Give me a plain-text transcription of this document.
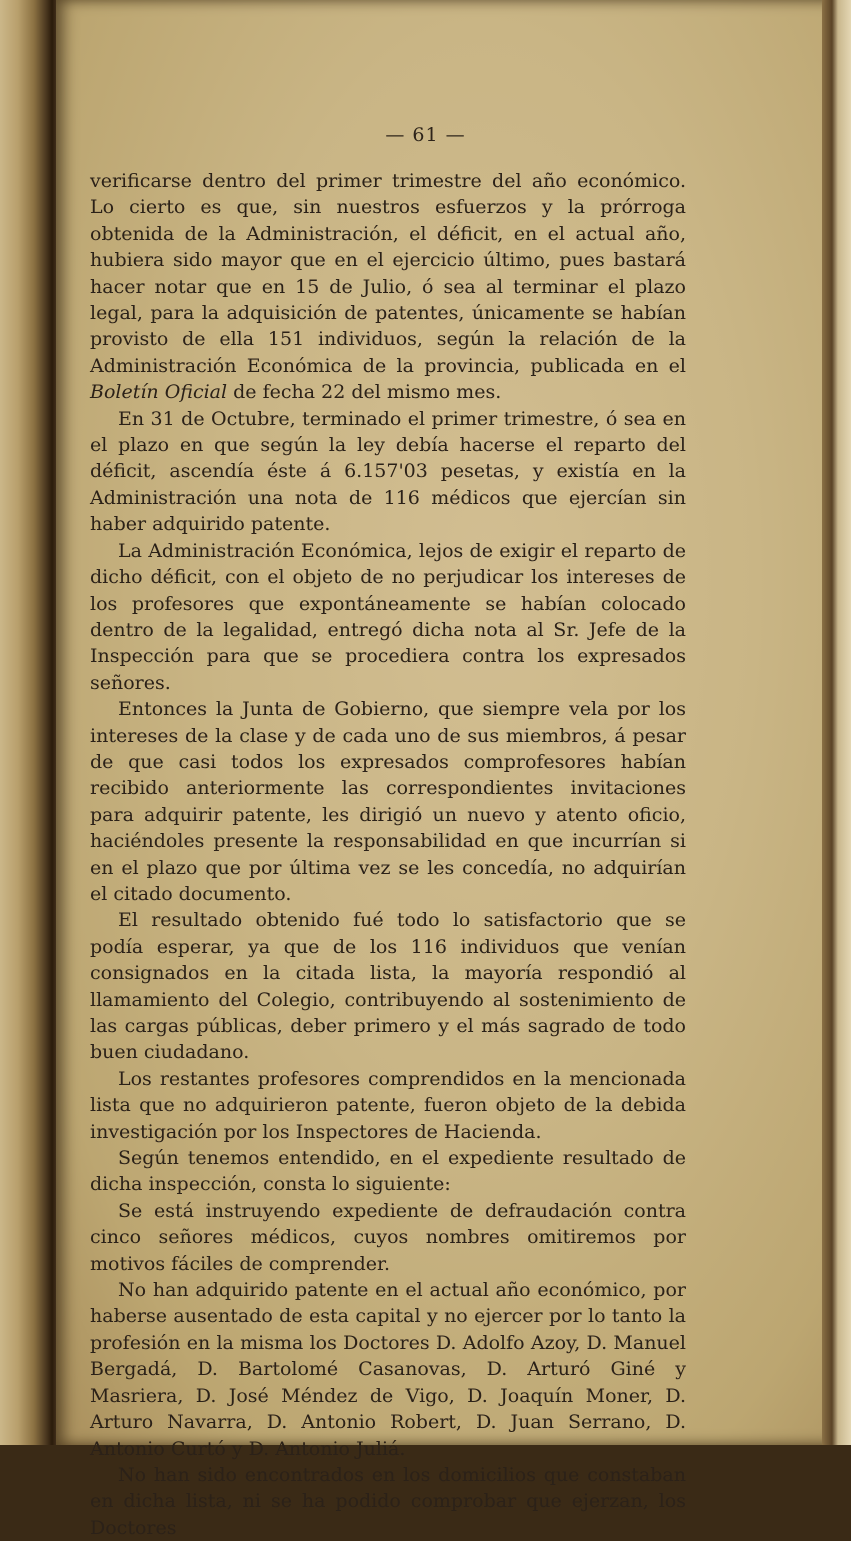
— 61 —

verificarse dentro del primer trimestre del año económico. Lo cierto es que, sin nuestros esfuerzos y la prórroga obtenida de la Administración, el déficit, en el actual año, hubiera sido mayor que en el ejercicio último, pues bastará hacer notar que en 15 de Julio, ó sea al terminar el plazo legal, para la adquisición de patentes, únicamente se habían provisto de ella 151 individuos, según la relación de la Administración Económica de la provincia, publicada en el Boletín Oficial de fecha 22 del mismo mes.

En 31 de Octubre, terminado el primer trimestre, ó sea en el plazo en que según la ley debía hacerse el reparto del déficit, ascendía éste á 6.157'03 pesetas, y existía en la Administración una nota de 116 médicos que ejercían sin haber adquirido patente.

La Administración Económica, lejos de exigir el reparto de dicho déficit, con el objeto de no perjudicar los intereses de los profesores que expontáneamente se habían colocado dentro de la legalidad, entregó dicha nota al Sr. Jefe de la Inspección para que se procediera contra los expresados señores.

Entonces la Junta de Gobierno, que siempre vela por los intereses de la clase y de cada uno de sus miembros, á pesar de que casi todos los expresados comprofesores habían recibido anteriormente las correspondientes invitaciones para adquirir patente, les dirigió un nuevo y atento oficio, haciéndoles presente la responsabilidad en que incurrían si en el plazo que por última vez se les concedía, no adquirían el citado documento.

El resultado obtenido fué todo lo satisfactorio que se podía esperar, ya que de los 116 individuos que venían consignados en la citada lista, la mayoría respondió al llamamiento del Colegio, contribuyendo al sostenimiento de las cargas públicas, deber primero y el más sagrado de todo buen ciudadano.

Los restantes profesores comprendidos en la mencionada lista que no adquirieron patente, fueron objeto de la debida investigación por los Inspectores de Hacienda.

Según tenemos entendido, en el expediente resultado de dicha inspección, consta lo siguiente:

Se está instruyendo expediente de defraudación contra cinco señores médicos, cuyos nombres omitiremos por motivos fáciles de comprender.

No han adquirido patente en el actual año económico, por haberse ausentado de esta capital y no ejercer por lo tanto la profesión en la misma los Doctores D. Adolfo Azoy, D. Manuel Bergadá, D. Bartolomé Casanovas, D. Arturó Giné y Masriera, D. José Méndez de Vigo, D. Joaquín Moner, D. Arturo Navarra, D. Antonio Robert, D. Juan Serrano, D. Antonio Curtó y D. Antonio Juliá.

No han sido encontrados en los domicilios que constaban en dicha lista, ni se ha podido comprobar que ejerzan, los Doctores
